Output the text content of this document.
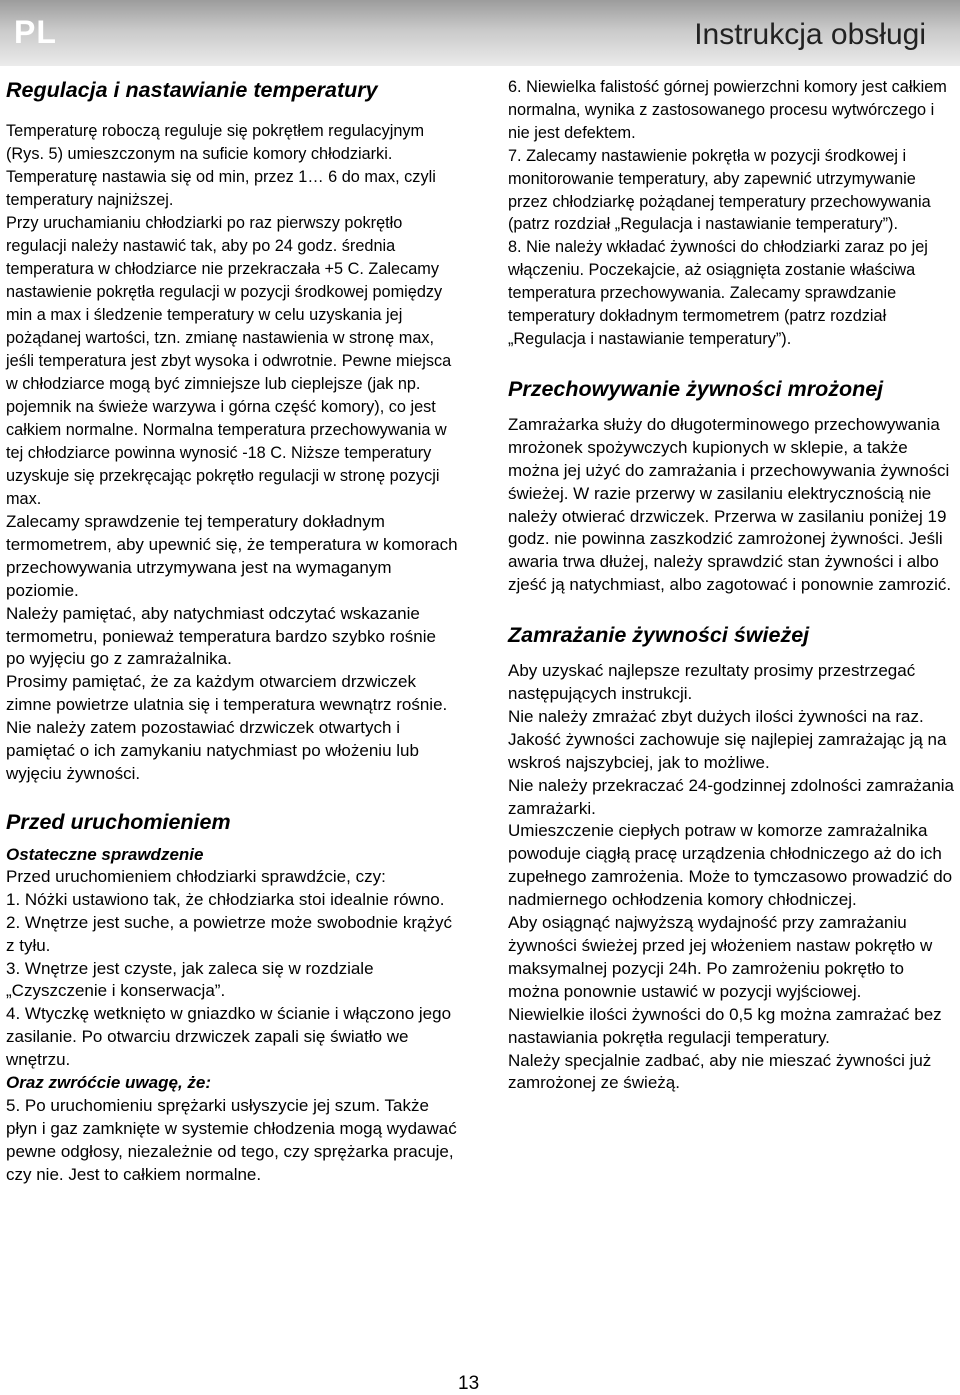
PL	Instrukcja obsługi
Regulacja i nastawianie temperatury

Temperaturę roboczą reguluje się pokrętłem regulacyjnym (Rys. 5) umieszczonym na suficie komory chłodziarki. Temperaturę nastawia się od min, przez 1… 6 do max, czyli temperatury najniższej.

Przy uruchamianiu chłodziarki po raz pierwszy pokrętło regulacji należy nastawić tak, aby po 24 godz. średnia temperatura w chłodziarce nie przekraczała +5 C. Zalecamy nastawienie pokrętła regulacji w pozycji środkowej pomiędzy min a max i śledzenie temperatury w celu uzyskania jej pożądanej wartości, tzn. zmianę nastawienia w stronę max, jeśli temperatura jest zbyt wysoka i odwrotnie. Pewne miejsca w chłodziarce mogą być zimniejsze lub cieplejsze (jak np. pojemnik na świeże warzywa i górna część komory), co jest całkiem normalne. Normalna temperatura przechowywania w tej chłodziarce powinna wynosić -18 C. Niższe temperatury uzyskuje się przekręcając pokrętło regulacji w stronę pozycji max.

Zalecamy sprawdzenie tej temperatury dokładnym termometrem, aby upewnić się, że temperatura w komorach przechowywania utrzymywana jest na wymaganym poziomie.

Należy pamiętać, aby natychmiast odczytać wskazanie termometru, ponieważ temperatura bardzo szybko rośnie po wyjęciu go z zamrażalnika.

Prosimy pamiętać, że za każdym otwarciem drzwiczek zimne powietrze ulatnia się i temperatura wewnątrz rośnie. Nie należy zatem pozostawiać drzwiczek otwartych i pamiętać o ich zamykaniu natychmiast po włożeniu lub wyjęciu żywności.

Przed uruchomieniem
Ostateczne sprawdzenie

Przed uruchomieniem chłodziarki sprawdźcie, czy:

1. Nóżki ustawiono tak, że chłodziarka stoi idealnie równo.

2. Wnętrze jest suche, a powietrze może swobodnie krążyć z tyłu.

3. Wnętrze jest czyste, jak zaleca się w rozdziale „Czyszczenie i konserwacja”.

4. Wtyczkę wetknięto w gniazdko w ścianie i włączono jego zasilanie. Po otwarciu drzwiczek zapali się światło we wnętrzu.

Oraz zwróćcie uwagę, że:

5. Po uruchomieniu sprężarki usłyszycie jej szum. Także płyn i gaz zamknięte w systemie chłodzenia mogą wydawać pewne odgłosy, niezależnie od tego, czy sprężarka pracuje, czy nie. Jest to całkiem normalne.

6. Niewielka falistość górnej powierzchni komory jest całkiem normalna, wynika z zastosowanego procesu wytwórczego i nie jest defektem.

7. Zalecamy nastawienie pokrętła w pozycji środkowej i monitorowanie temperatury, aby zapewnić utrzymywanie przez chłodziarkę pożądanej temperatury przechowywania (patrz rozdział „Regulacja i nastawianie temperatury”).

8. Nie należy wkładać żywności do chłodziarki zaraz po jej włączeniu. Poczekajcie, aż osiągnięta zostanie właściwa temperatura przechowywania. Zalecamy sprawdzanie temperatury dokładnym termometrem (patrz rozdział „Regulacja i nastawianie temperatury”).

Przechowywanie żywności mrożonej

Zamrażarka służy do długoterminowego przechowywania mrożonek spożywczych kupionych w sklepie, a także można jej użyć do zamrażania i przechowywania żywności świeżej. W razie przerwy w zasilaniu elektrycznością nie należy otwierać drzwiczek. Przerwa w zasilaniu poniżej 19 godz. nie powinna zaszkodzić zamrożonej żywności. Jeśli awaria trwa dłużej, należy sprawdzić stan żywności i albo zjeść ją natychmiast, albo zagotować i ponownie zamrozić.

Zamrażanie żywności świeżej

Aby uzyskać najlepsze rezultaty prosimy przestrzegać następujących instrukcji.

Nie należy zmrażać zbyt dużych ilości żywności na raz. Jakość żywności zachowuje się najlepiej zamrażając ją na wskroś najszybciej, jak to możliwe.

Nie należy przekraczać 24-godzinnej zdolności zamrażania zamrażarki.

Umieszczenie ciepłych potraw w komorze zamrażalnika powoduje ciągłą pracę urządzenia chłodniczego aż do ich zupełnego zamrożenia. Może to tymczasowo prowadzić do nadmiernego ochłodzenia komory chłodniczej.

Aby osiągnąć najwyższą wydajność przy zamrażaniu żywności świeżej przed jej włożeniem nastaw pokrętło w maksymalnej pozycji 24h. Po zamrożeniu pokrętło to można ponownie ustawić w pozycji wyjściowej.

Niewielkie ilości żywności do 0,5 kg można zamrażać bez nastawiania pokrętła regulacji temperatury.

Należy specjalnie zadbać, aby nie mieszać żywności już zamrożonej ze świeżą.

13
